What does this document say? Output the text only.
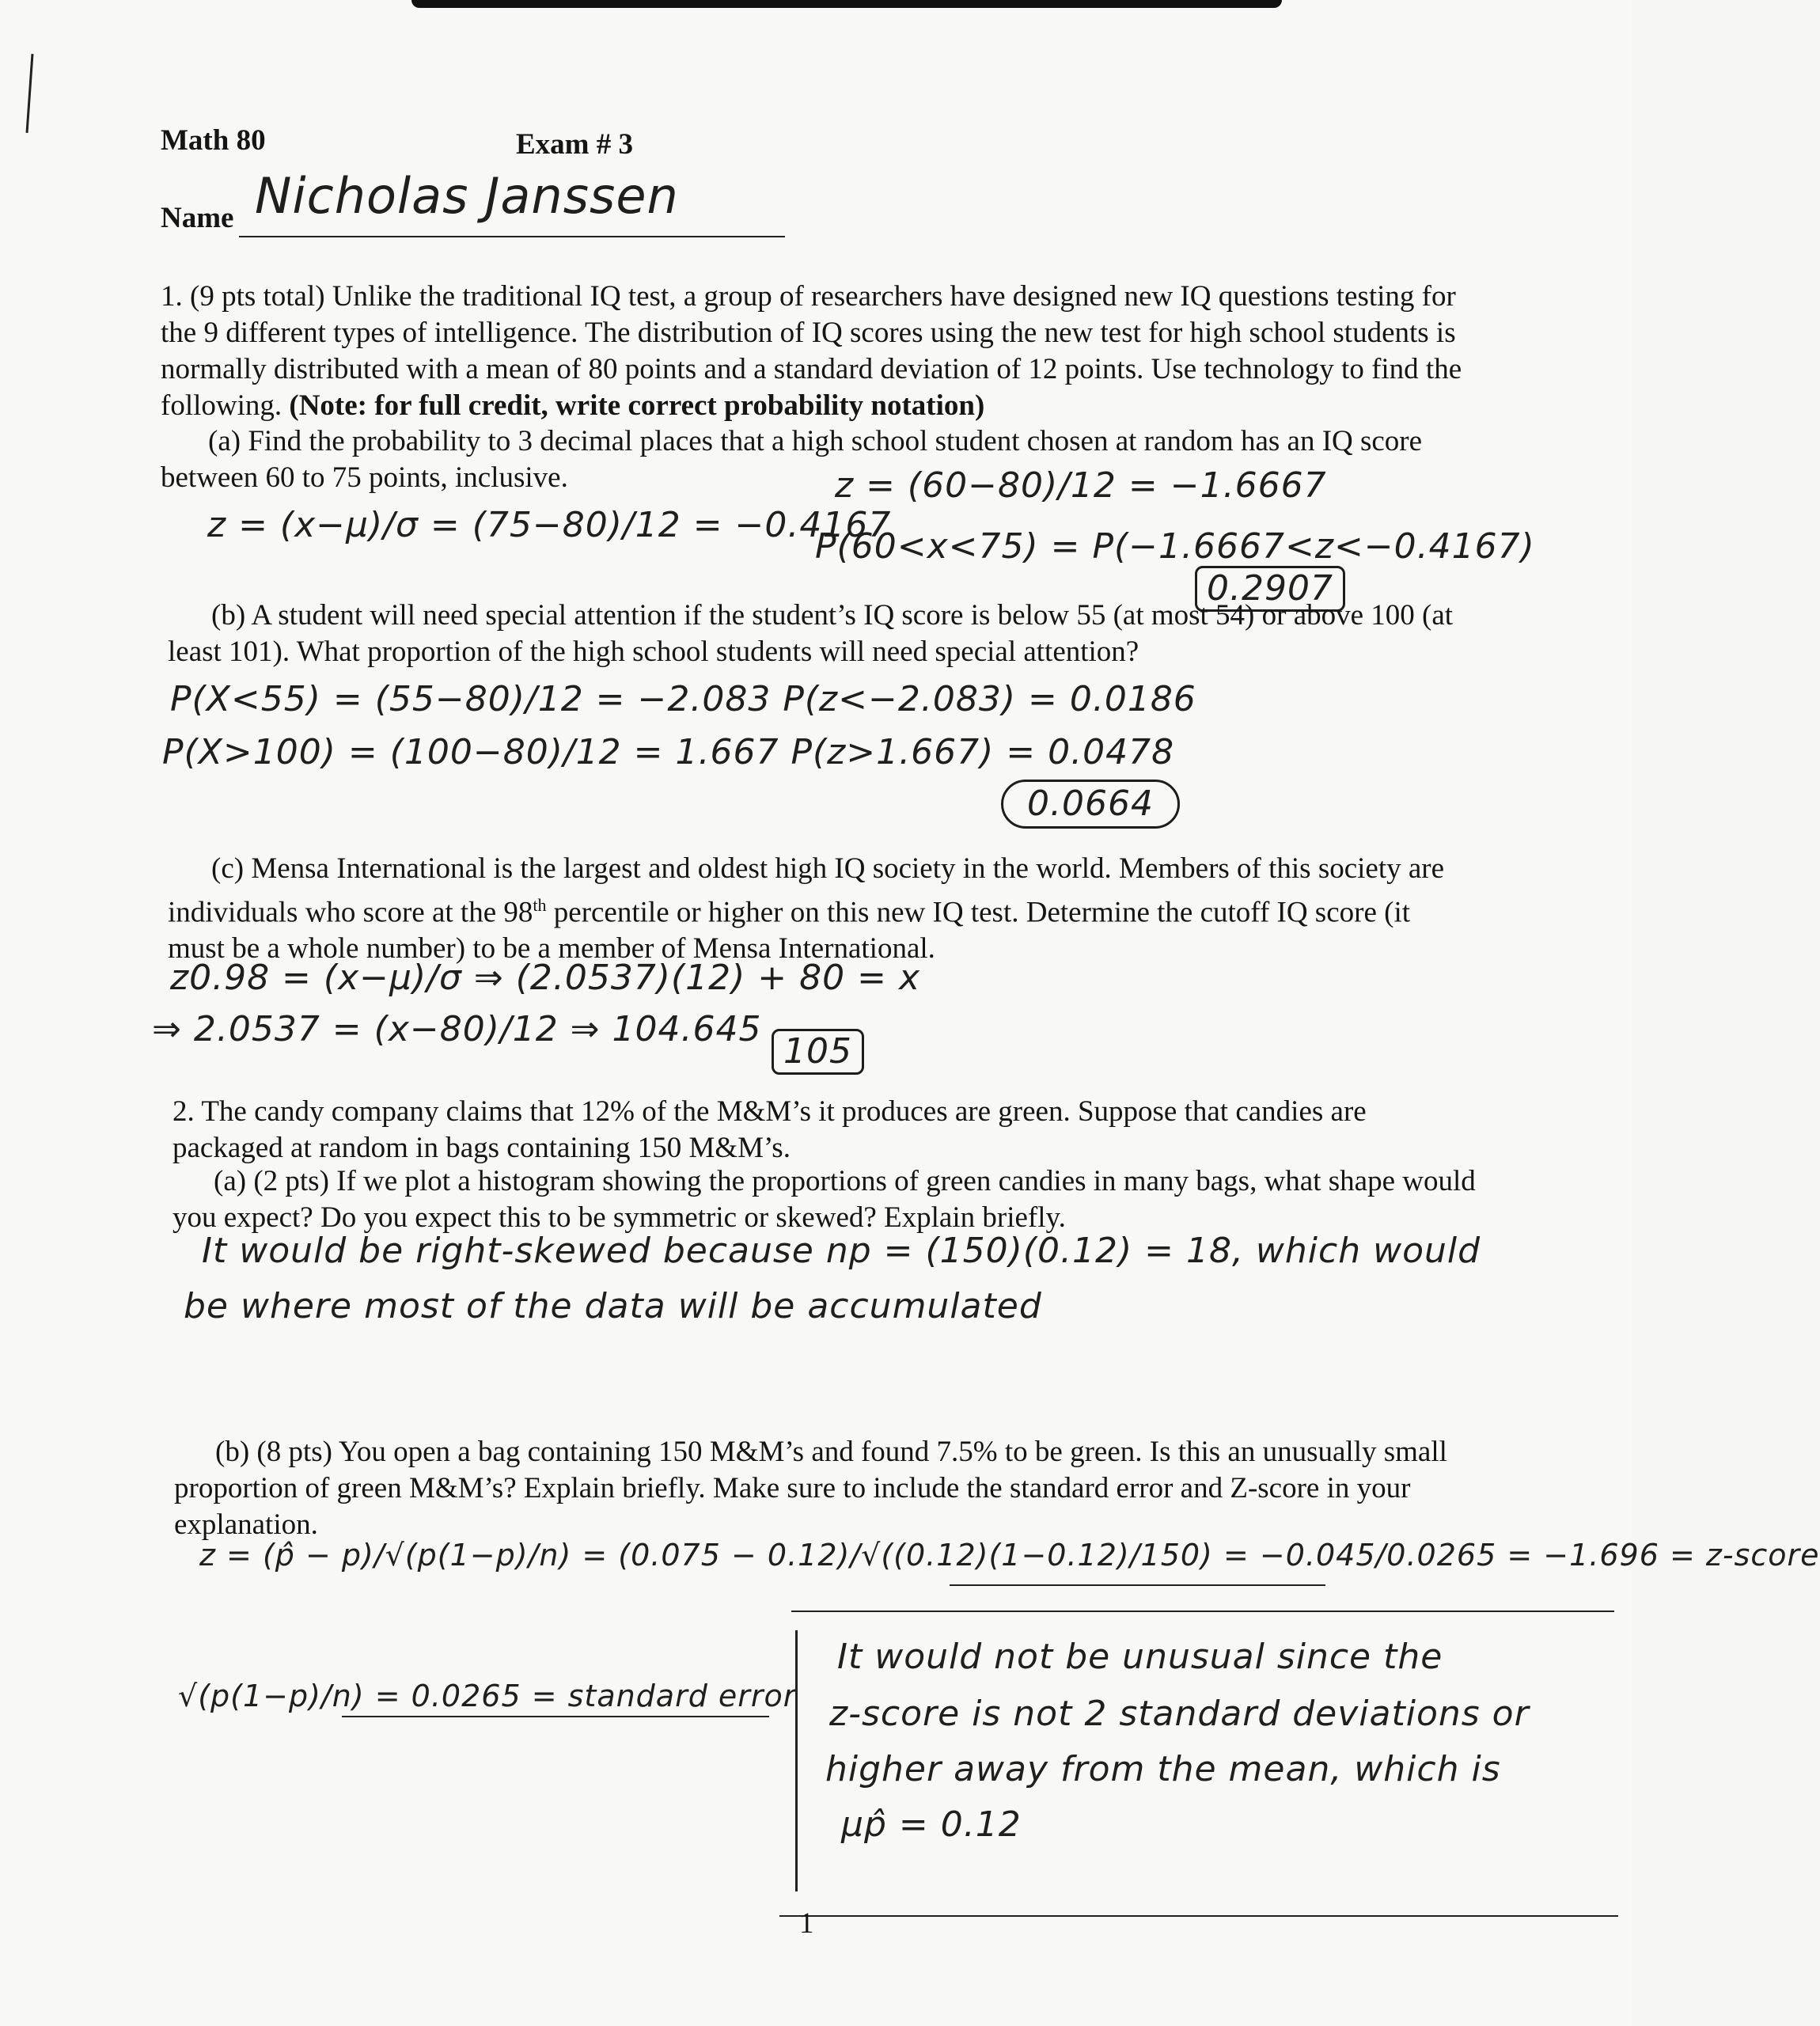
Math 80	Exam # 3
Name Nicholas Janssen
1. (9 pts total) Unlike the traditional IQ test, a group of researchers have designed new IQ questions testing for the 9 different types of intelligence. The distribution of IQ scores using the new test for high school students is normally distributed with a mean of 80 points and a standard deviation of 12 points. Use technology to find the following. (Note: for full credit, write correct probability notation)
(a) Find the probability to 3 decimal places that a high school student chosen at random has an IQ score between 60 to 75 points, inclusive.	z = (60−80)/12 = −1.6667
z = (x−μ)/σ = (75−80)/12 = −0.4167
P(60<x<75) = P(−1.6667<z<−0.4167)
0.2907
(b) A student will need special attention if the student’s IQ score is below 55 (at most 54) or above 100 (at least 101). What proportion of the high school students will need special attention?
P(X<55) = (55−80)/12 = −2.083 P(z<−2.083) = 0.0186
P(X>100) = (100−80)/12 = 1.667 P(z>1.667) = 0.0478
0.0664
(c) Mensa International is the largest and oldest high IQ society in the world. Members of this society are individuals who score at the 98th percentile or higher on this new IQ test. Determine the cutoff IQ score (it must be a whole number) to be a member of Mensa International.
z0.98 = (x−μ)/σ ⇒ (2.0537)(12) + 80 = x
⇒ 2.0537 = (x−80)/12 ⇒ 104.645
105
2. The candy company claims that 12% of the M&M’s it produces are green. Suppose that candies are packaged at random in bags containing 150 M&M’s.
(a) (2 pts) If we plot a histogram showing the proportions of green candies in many bags, what shape would you expect? Do you expect this to be symmetric or skewed? Explain briefly.
It would be right-skewed because np = (150)(0.12) = 18, which would
be where most of the data will be accumulated
(b) (8 pts) You open a bag containing 150 M&M’s and found 7.5% to be green. Is this an unusually small proportion of green M&M’s? Explain briefly. Make sure to include the standard error and Z-score in your explanation.
z = (p̂ − p)/√(p(1−p)/n) = (0.075 − 0.12)/√((0.12)(1−0.12)/150) = −0.045/0.0265 = −1.696 = z-score
√(p(1−p)/n) = 0.0265 = standard error
It would not be unusual since the
z-score is not 2 standard deviations or
higher away from the mean, which is
μp̂ = 0.12
1
